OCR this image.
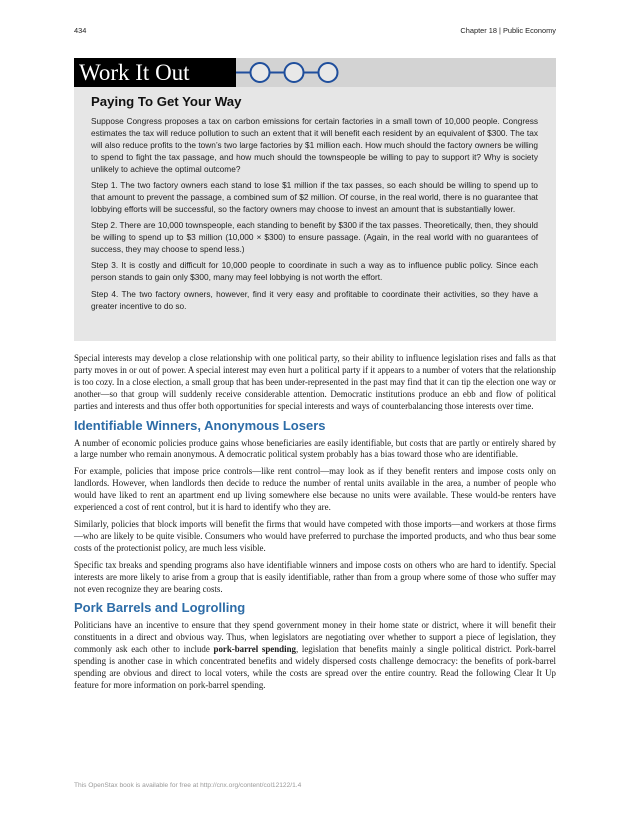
434	Chapter 18 | Public Economy
Work It Out
Paying To Get Your Way

Suppose Congress proposes a tax on carbon emissions for certain factories in a small town of 10,000 people. Congress estimates the tax will reduce pollution to such an extent that it will benefit each resident by an equivalent of $300. The tax will also reduce profits to the town’s two large factories by $1 million each. How much should the factory owners be willing to spend to fight the tax passage, and how much should the townspeople be willing to pay to support it? Why is society unlikely to achieve the optimal outcome?

Step 1. The two factory owners each stand to lose $1 million if the tax passes, so each should be willing to spend up to that amount to prevent the passage, a combined sum of $2 million. Of course, in the real world, there is no guarantee that lobbying efforts will be successful, so the factory owners may choose to invest an amount that is substantially lower.

Step 2. There are 10,000 townspeople, each standing to benefit by $300 if the tax passes. Theoretically, then, they should be willing to spend up to $3 million (10,000 × $300) to ensure passage. (Again, in the real world with no guarantees of success, they may choose to spend less.)

Step 3. It is costly and difficult for 10,000 people to coordinate in such a way as to influence public policy. Since each person stands to gain only $300, many may feel lobbying is not worth the effort.

Step 4. The two factory owners, however, find it very easy and profitable to coordinate their activities, so they have a greater incentive to do so.

Special interests may develop a close relationship with one political party, so their ability to influence legislation rises and falls as that party moves in or out of power. A special interest may even hurt a political party if it appears to a number of voters that the relationship is too cozy. In a close election, a small group that has been under-represented in the past may find that it can tip the election one way or another—so that group will suddenly receive considerable attention. Democratic institutions produce an ebb and flow of political parties and interests and thus offer both opportunities for special interests and ways of counterbalancing those interests over time.

Identifiable Winners, Anonymous Losers

A number of economic policies produce gains whose beneficiaries are easily identifiable, but costs that are partly or entirely shared by a large number who remain anonymous. A democratic political system probably has a bias toward those who are identifiable.

For example, policies that impose price controls—like rent control—may look as if they benefit renters and impose costs only on landlords. However, when landlords then decide to reduce the number of rental units available in the area, a number of people who would have liked to rent an apartment end up living somewhere else because no units were available. These would-be renters have experienced a cost of rent control, but it is hard to identify who they are.

Similarly, policies that block imports will benefit the firms that would have competed with those imports—and workers at those firms—who are likely to be quite visible. Consumers who would have preferred to purchase the imported products, and who thus bear some costs of the protectionist policy, are much less visible.

Specific tax breaks and spending programs also have identifiable winners and impose costs on others who are hard to identify. Special interests are more likely to arise from a group that is easily identifiable, rather than from a group where some of those who suffer may not even recognize they are bearing costs.

Pork Barrels and Logrolling

Politicians have an incentive to ensure that they spend government money in their home state or district, where it will benefit their constituents in a direct and obvious way. Thus, when legislators are negotiating over whether to support a piece of legislation, they commonly ask each other to include pork-barrel spending, legislation that benefits mainly a single political district. Pork-barrel spending is another case in which concentrated benefits and widely dispersed costs challenge democracy: the benefits of pork-barrel spending are obvious and direct to local voters, while the costs are spread over the entire country. Read the following Clear It Up feature for more information on pork-barrel spending.

This OpenStax book is available for free at http://cnx.org/content/col12122/1.4
